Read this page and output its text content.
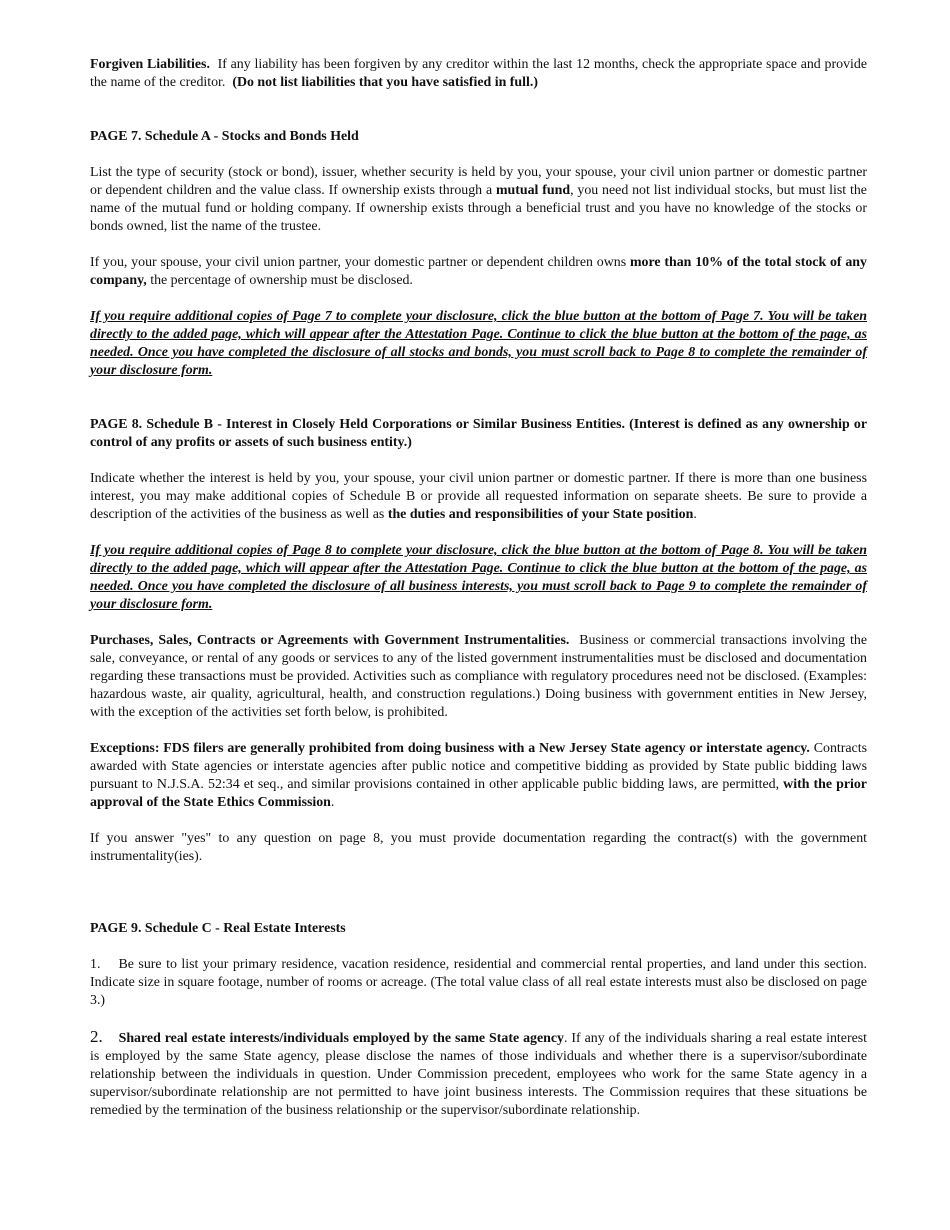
Forgiven Liabilities. If any liability has been forgiven by any creditor within the last 12 months, check the appropriate space and provide the name of the creditor. (Do not list liabilities that you have satisfied in full.)

PAGE 7. Schedule A - Stocks and Bonds Held

List the type of security (stock or bond), issuer, whether security is held by you, your spouse, your civil union partner or domestic partner or dependent children and the value class. If ownership exists through a mutual fund, you need not list individual stocks, but must list the name of the mutual fund or holding company. If ownership exists through a beneficial trust and you have no knowledge of the stocks or bonds owned, list the name of the trustee.

If you, your spouse, your civil union partner, your domestic partner or dependent children owns more than 10% of the total stock of any company, the percentage of ownership must be disclosed.

If you require additional copies of Page 7 to complete your disclosure, click the blue button at the bottom of Page 7. You will be taken directly to the added page, which will appear after the Attestation Page. Continue to click the blue button at the bottom of the page, as needed. Once you have completed the disclosure of all stocks and bonds, you must scroll back to Page 8 to complete the remainder of your disclosure form.

PAGE 8. Schedule B - Interest in Closely Held Corporations or Similar Business Entities. (Interest is defined as any ownership or control of any profits or assets of such business entity.)

Indicate whether the interest is held by you, your spouse, your civil union partner or domestic partner. If there is more than one business interest, you may make additional copies of Schedule B or provide all requested information on separate sheets. Be sure to provide a description of the activities of the business as well as the duties and responsibilities of your State position.

If you require additional copies of Page 8 to complete your disclosure, click the blue button at the bottom of Page 8. You will be taken directly to the added page, which will appear after the Attestation Page. Continue to click the blue button at the bottom of the page, as needed. Once you have completed the disclosure of all business interests, you must scroll back to Page 9 to complete the remainder of your disclosure form.

Purchases, Sales, Contracts or Agreements with Government Instrumentalities. Business or commercial transactions involving the sale, conveyance, or rental of any goods or services to any of the listed government instrumentalities must be disclosed and documentation regarding these transactions must be provided. Activities such as compliance with regulatory procedures need not be disclosed. (Examples: hazardous waste, air quality, agricultural, health, and construction regulations.) Doing business with government entities in New Jersey, with the exception of the activities set forth below, is prohibited.

Exceptions: FDS filers are generally prohibited from doing business with a New Jersey State agency or interstate agency. Contracts awarded with State agencies or interstate agencies after public notice and competitive bidding as provided by State public bidding laws pursuant to N.J.S.A. 52:34 et seq., and similar provisions contained in other applicable public bidding laws, are permitted, with the prior approval of the State Ethics Commission.

If you answer "yes" to any question on page 8, you must provide documentation regarding the contract(s) with the government instrumentality(ies).

PAGE 9. Schedule C - Real Estate Interests

1. Be sure to list your primary residence, vacation residence, residential and commercial rental properties, and land under this section. Indicate size in square footage, number of rooms or acreage. (The total value class of all real estate interests must also be disclosed on page 3.)

2. Shared real estate interests/individuals employed by the same State agency. If any of the individuals sharing a real estate interest is employed by the same State agency, please disclose the names of those individuals and whether there is a supervisor/subordinate relationship between the individuals in question. Under Commission precedent, employees who work for the same State agency in a supervisor/subordinate relationship are not permitted to have joint business interests. The Commission requires that these situations be remedied by the termination of the business relationship or the supervisor/subordinate relationship.
